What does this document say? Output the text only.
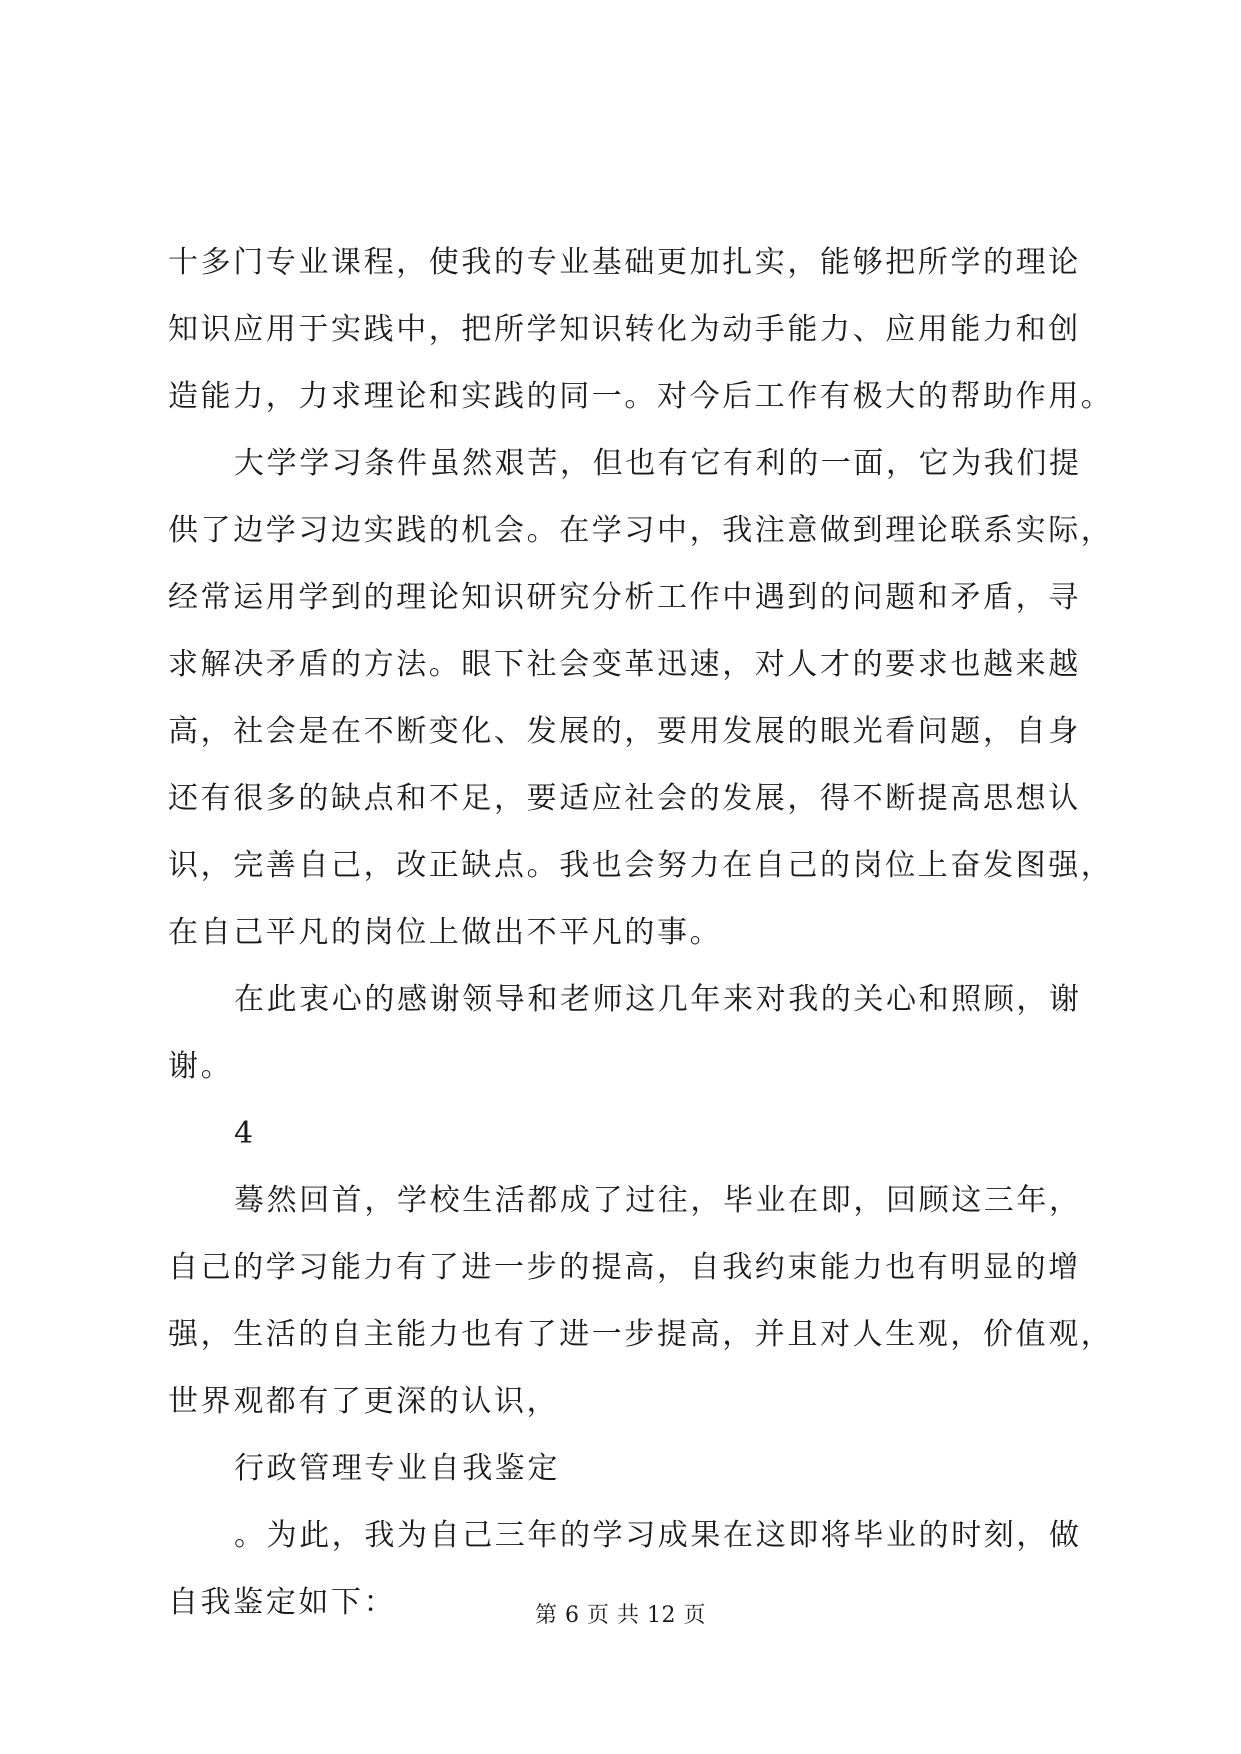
十多门专业课程，使我的专业基础更加扎实，能够把所学的理论
知识应用于实践中，把所学知识转化为动手能力、应用能力和创
造能力，力求理论和实践的同一。对今后工作有极大的帮助作用。
大学学习条件虽然艰苦，但也有它有利的一面，它为我们提
供了边学习边实践的机会。在学习中，我注意做到理论联系实际，
经常运用学到的理论知识研究分析工作中遇到的问题和矛盾，寻
求解决矛盾的方法。眼下社会变革迅速，对人才的要求也越来越
高，社会是在不断变化、发展的，要用发展的眼光看问题，自身
还有很多的缺点和不足，要适应社会的发展，得不断提高思想认
识，完善自己，改正缺点。我也会努力在自己的岗位上奋发图强，
在自己平凡的岗位上做出不平凡的事。
在此衷心的感谢领导和老师这几年来对我的关心和照顾，谢
谢。
4
蓦然回首，学校生活都成了过往，毕业在即，回顾这三年，
自己的学习能力有了进一步的提高，自我约束能力也有明显的增
强，生活的自主能力也有了进一步提高，并且对人生观，价值观，
世界观都有了更深的认识，
行政管理专业自我鉴定
。为此，我为自己三年的学习成果在这即将毕业的时刻，做
自我鉴定如下：	第 6 页 共 12 页
